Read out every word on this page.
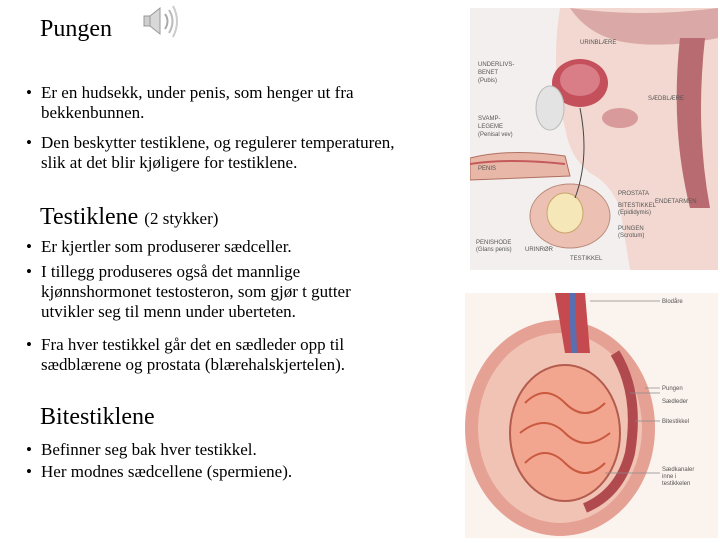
Pungen
• Er en hudsekk, under penis, som henger ut fra
bekkenbunnen.
• Den beskytter testiklene, og regulerer temperaturen,
slik at det blir kjøligere for testiklene.
Testiklene (2 stykker)
• Er kjertler som produserer sædceller.
• I tillegg produseres også det mannlige
kjønnshormonet testosteron, som gjør t gutter
utvikler seg til menn under uberteten.
• Fra hver testikkel går det en sædleder opp til
sædblærene og prostata (blærehalskjertelen).
Bitestiklene
• Befinner seg bak hver testikkel.
• Her modnes sædcellene (spermiene).
URINBLÆRE
UNDERLIVS-
BENET
(Pubis)
SÆDBLÆRE
SVAMP-
LEGEME
(Penisal vev)
PENIS
PROSTATA
ENDETARMEN
BITESTIKKEL
(Epididymis)
PUNGEN
(Scrotum)
PENISHODE
(Glans penis) URINRØR
TESTIKKEL
Blodåre
Pungen
Sædleder
Bitestikkel
Sædkanaler
inne i
testikkelen
